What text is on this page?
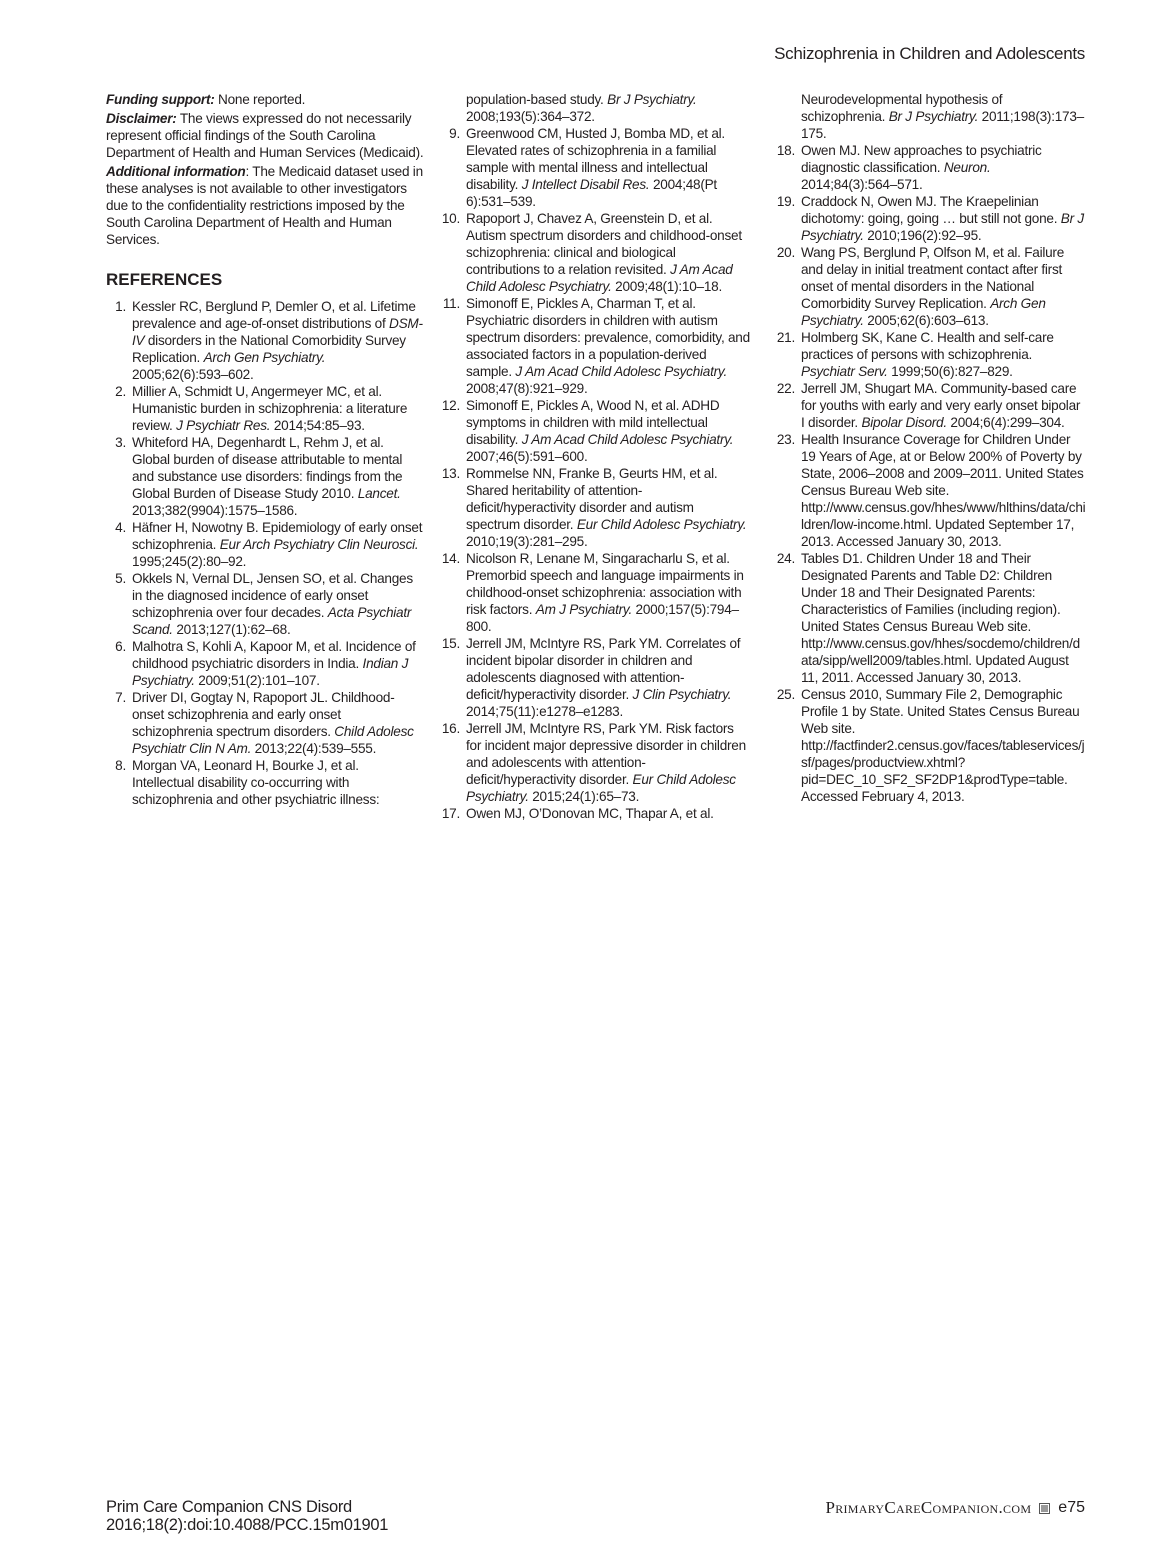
Schizophrenia in Children and Adolescents
Funding support: None reported.
Disclaimer: The views expressed do not necessarily represent official findings of the South Carolina Department of Health and Human Services (Medicaid).
Additional information: The Medicaid dataset used in these analyses is not available to other investigators due to the confidentiality restrictions imposed by the South Carolina Department of Health and Human Services.
REFERENCES
1. Kessler RC, Berglund P, Demler O, et al. Lifetime prevalence and age-of-onset distributions of DSM-IV disorders in the National Comorbidity Survey Replication. Arch Gen Psychiatry. 2005;62(6):593–602.
2. Millier A, Schmidt U, Angermeyer MC, et al. Humanistic burden in schizophrenia: a literature review. J Psychiatr Res. 2014;54:85–93.
3. Whiteford HA, Degenhardt L, Rehm J, et al. Global burden of disease attributable to mental and substance use disorders: findings from the Global Burden of Disease Study 2010. Lancet. 2013;382(9904):1575–1586.
4. Häfner H, Nowotny B. Epidemiology of early onset schizophrenia. Eur Arch Psychiatry Clin Neurosci. 1995;245(2):80–92.
5. Okkels N, Vernal DL, Jensen SO, et al. Changes in the diagnosed incidence of early onset schizophrenia over four decades. Acta Psychiatr Scand. 2013;127(1):62–68.
6. Malhotra S, Kohli A, Kapoor M, et al. Incidence of childhood psychiatric disorders in India. Indian J Psychiatry. 2009;51(2):101–107.
7. Driver DI, Gogtay N, Rapoport JL. Childhood-onset schizophrenia and early onset schizophrenia spectrum disorders. Child Adolesc Psychiatr Clin N Am. 2013;22(4):539–555.
8. Morgan VA, Leonard H, Bourke J, et al. Intellectual disability co-occurring with schizophrenia and other psychiatric illness:
population-based study. Br J Psychiatry. 2008;193(5):364–372.
9. Greenwood CM, Husted J, Bomba MD, et al. Elevated rates of schizophrenia in a familial sample with mental illness and intellectual disability. J Intellect Disabil Res. 2004;48(Pt 6):531–539.
10. Rapoport J, Chavez A, Greenstein D, et al. Autism spectrum disorders and childhood-onset schizophrenia: clinical and biological contributions to a relation revisited. J Am Acad Child Adolesc Psychiatry. 2009;48(1):10–18.
11. Simonoff E, Pickles A, Charman T, et al. Psychiatric disorders in children with autism spectrum disorders: prevalence, comorbidity, and associated factors in a population-derived sample. J Am Acad Child Adolesc Psychiatry. 2008;47(8):921–929.
12. Simonoff E, Pickles A, Wood N, et al. ADHD symptoms in children with mild intellectual disability. J Am Acad Child Adolesc Psychiatry. 2007;46(5):591–600.
13. Rommelse NN, Franke B, Geurts HM, et al. Shared heritability of attention-deficit/hyperactivity disorder and autism spectrum disorder. Eur Child Adolesc Psychiatry. 2010;19(3):281–295.
14. Nicolson R, Lenane M, Singaracharlu S, et al. Premorbid speech and language impairments in childhood-onset schizophrenia: association with risk factors. Am J Psychiatry. 2000;157(5):794–800.
15. Jerrell JM, McIntyre RS, Park YM. Correlates of incident bipolar disorder in children and adolescents diagnosed with attention-deficit/hyperactivity disorder. J Clin Psychiatry. 2014;75(11):e1278–e1283.
16. Jerrell JM, McIntyre RS, Park YM. Risk factors for incident major depressive disorder in children and adolescents with attention-deficit/hyperactivity disorder. Eur Child Adolesc Psychiatry. 2015;24(1):65–73.
17. Owen MJ, O’Donovan MC, Thapar A, et al.
Neurodevelopmental hypothesis of schizophrenia. Br J Psychiatry. 2011;198(3):173–175.
18. Owen MJ. New approaches to psychiatric diagnostic classification. Neuron. 2014;84(3):564–571.
19. Craddock N, Owen MJ. The Kraepelinian dichotomy: going, going … but still not gone. Br J Psychiatry. 2010;196(2):92–95.
20. Wang PS, Berglund P, Olfson M, et al. Failure and delay in initial treatment contact after first onset of mental disorders in the National Comorbidity Survey Replication. Arch Gen Psychiatry. 2005;62(6):603–613.
21. Holmberg SK, Kane C. Health and self-care practices of persons with schizophrenia. Psychiatr Serv. 1999;50(6):827–829.
22. Jerrell JM, Shugart MA. Community-based care for youths with early and very early onset bipolar I disorder. Bipolar Disord. 2004;6(4):299–304.
23. Health Insurance Coverage for Children Under 19 Years of Age, at or Below 200% of Poverty by State, 2006–2008 and 2009–2011. United States Census Bureau Web site. http://www.census.gov/hhes/www/hlthins/data/children/low-income.html. Updated September 17, 2013. Accessed January 30, 2013.
24. Tables D1. Children Under 18 and Their Designated Parents and Table D2: Children Under 18 and Their Designated Parents: Characteristics of Families (including region). United States Census Bureau Web site. http://www.census.gov/hhes/socdemo/children/data/sipp/well2009/tables.html. Updated August 11, 2011. Accessed January 30, 2013.
25. Census 2010, Summary File 2, Demographic Profile 1 by State. United States Census Bureau Web site. http://factfinder2.census.gov/faces/tableservices/jsf/pages/productview.xhtml?pid=DEC_10_SF2_SF2DP1&prodType=table. Accessed February 4, 2013.
Prim Care Companion CNS Disord
2016;18(2):doi:10.4088/PCC.15m01901
PrimaryCareCompanion.com e75
